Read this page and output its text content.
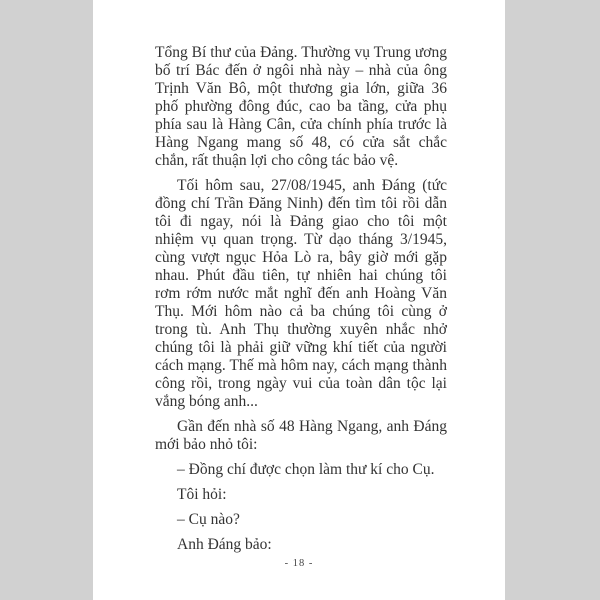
Tổng Bí thư của Đảng. Thường vụ Trung ương bố trí Bác đến ở ngôi nhà này – nhà của ông Trịnh Văn Bô, một thương gia lớn, giữa 36 phố phường đông đúc, cao ba tầng, cửa phụ phía sau là Hàng Cân, cửa chính phía trước là Hàng Ngang mang số 48, có cửa sắt chắc chắn, rất thuận lợi cho công tác bảo vệ.

Tối hôm sau, 27/08/1945, anh Đáng (tức đồng chí Trần Đăng Ninh) đến tìm tôi rồi dẫn tôi đi ngay, nói là Đảng giao cho tôi một nhiệm vụ quan trọng. Từ dạo tháng 3/1945, cùng vượt ngục Hỏa Lò ra, bây giờ mới gặp nhau. Phút đầu tiên, tự nhiên hai chúng tôi rơm rớm nước mắt nghĩ đến anh Hoàng Văn Thụ. Mới hôm nào cả ba chúng tôi cùng ở trong tù. Anh Thụ thường xuyên nhắc nhở chúng tôi là phải giữ vững khí tiết của người cách mạng. Thế mà hôm nay, cách mạng thành công rồi, trong ngày vui của toàn dân tộc lại vắng bóng anh...

Gần đến nhà số 48 Hàng Ngang, anh Đáng mới bảo nhỏ tôi:

– Đồng chí được chọn làm thư kí cho Cụ.

Tôi hỏi:

– Cụ nào?

Anh Đáng bảo:

- 18 -
